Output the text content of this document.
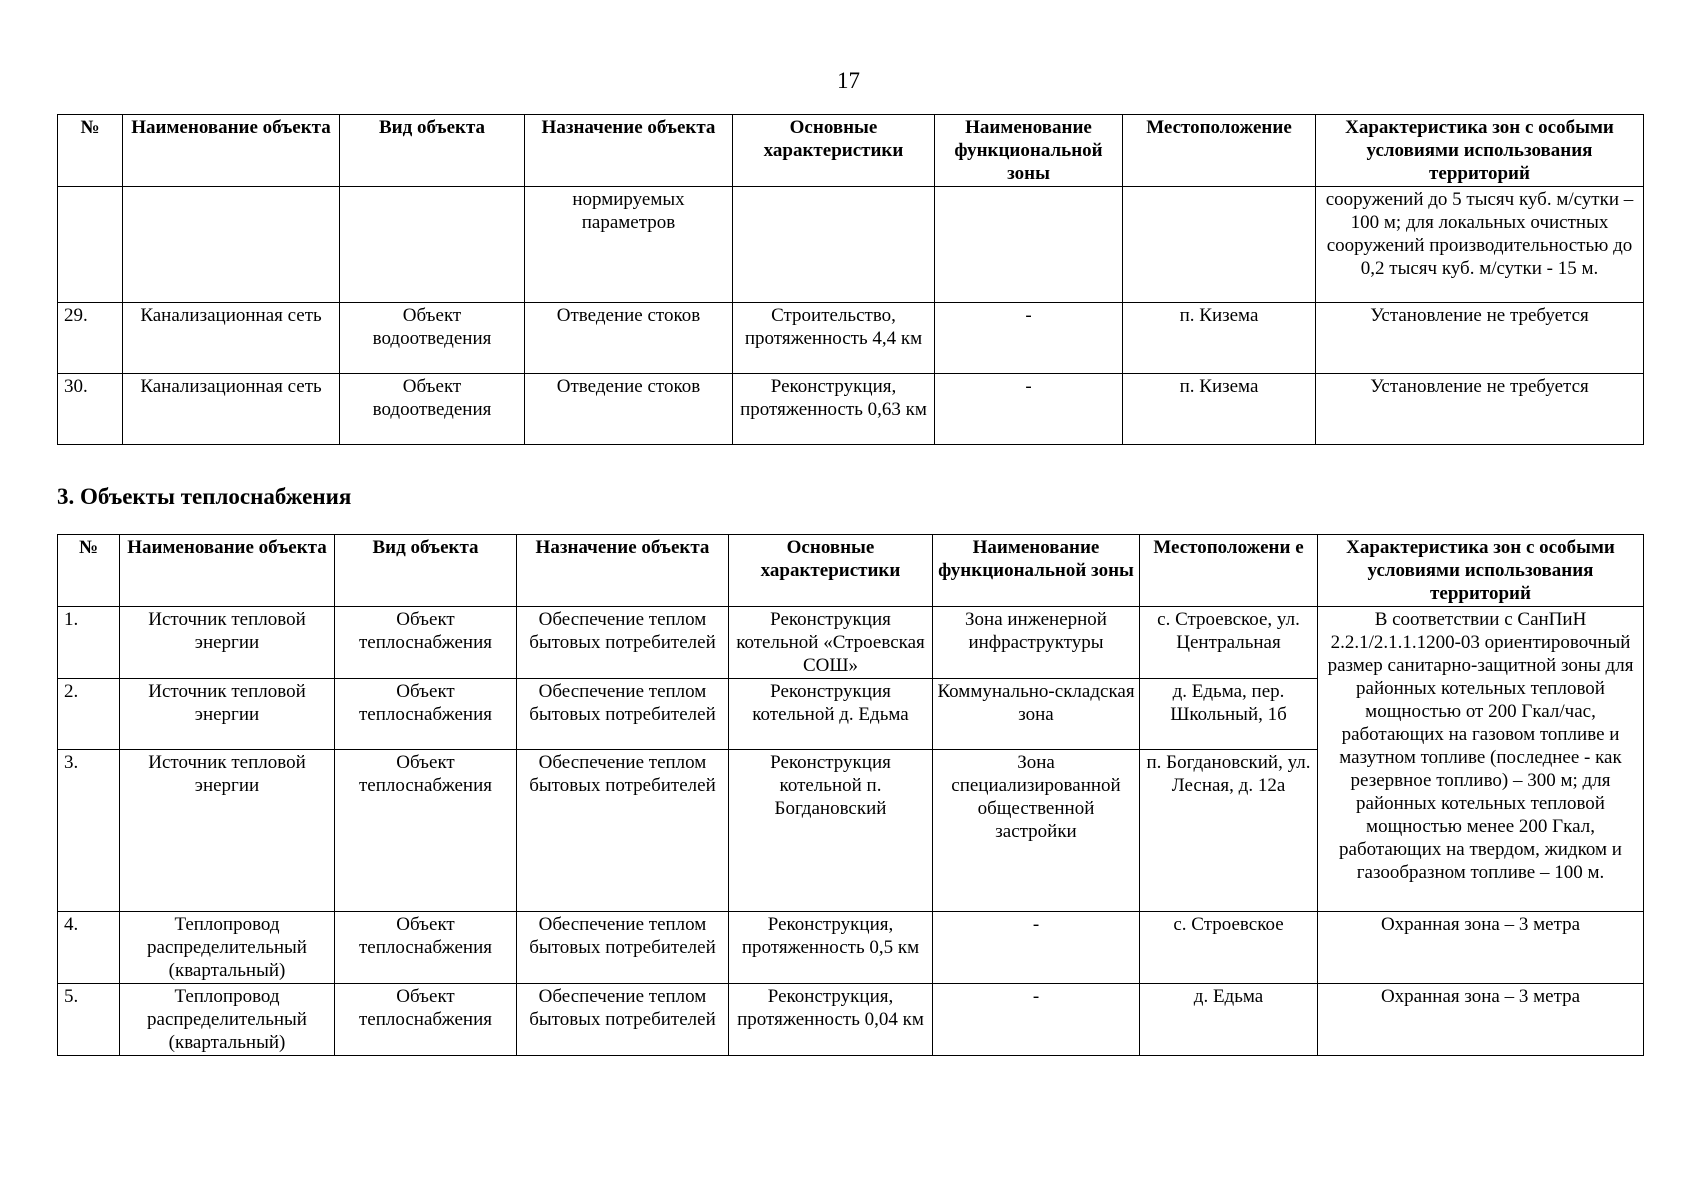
17
№	Наименование объекта	Вид объекта	Назначение объекта	Основные характеристики	Наименование функциональной зоны	Местоположение	Характеристика зон с особыми условиями использования территорий
			нормируемых параметров				сооружений до 5 тысяч куб. м/сутки – 100 м; для локальных очистных сооружений производительностью до 0,2 тысяч куб. м/сутки - 15 м.
29.	Канализационная сеть	Объект водоотведения	Отведение стоков	Строительство, протяженность 4,4 км	-	п. Кизема	Установление не требуется
30.	Канализационная сеть	Объект водоотведения	Отведение стоков	Реконструкция, протяженность 0,63 км	-	п. Кизема	Установление не требуется
3. Объекты теплоснабжения
№	Наименование объекта	Вид объекта	Назначение объекта	Основные характеристики	Наименование функциональной зоны	Местоположени е	Характеристика зон с особыми условиями использования территорий
1.	Источник тепловой энергии	Объект теплоснабжения	Обеспечение теплом бытовых потребителей	Реконструкция котельной «Строевская СОШ»	Зона инженерной инфраструктуры	с. Строевское, ул. Центральная	В соответствии с СанПиН 2.2.1/2.1.1.1200-03 ориентировочный размер санитарно-защитной зоны для районных котельных тепловой мощностью от 200 Гкал/час, работающих на газовом топливе и мазутном топливе (последнее - как резервное топливо) – 300 м; для районных котельных тепловой мощностью менее 200 Гкал, работающих на твердом, жидком и газообразном топливе – 100 м.
2.	Источник тепловой энергии	Объект теплоснабжения	Обеспечение теплом бытовых потребителей	Реконструкция котельной д. Едьма	Коммунально-складская зона	д. Едьма, пер. Школьный, 1б	
3.	Источник тепловой энергии	Объект теплоснабжения	Обеспечение теплом бытовых потребителей	Реконструкция котельной п. Богдановский	Зона специализированной общественной застройки	п. Богдановский, ул. Лесная, д. 12а	
4.	Теплопровод распределительный (квартальный)	Объект теплоснабжения	Обеспечение теплом бытовых потребителей	Реконструкция, протяженность 0,5 км	-	с. Строевское	Охранная зона – 3 метра
5.	Теплопровод распределительный (квартальный)	Объект теплоснабжения	Обеспечение теплом бытовых потребителей	Реконструкция, протяженность 0,04 км	-	д. Едьма	Охранная зона – 3 метра
